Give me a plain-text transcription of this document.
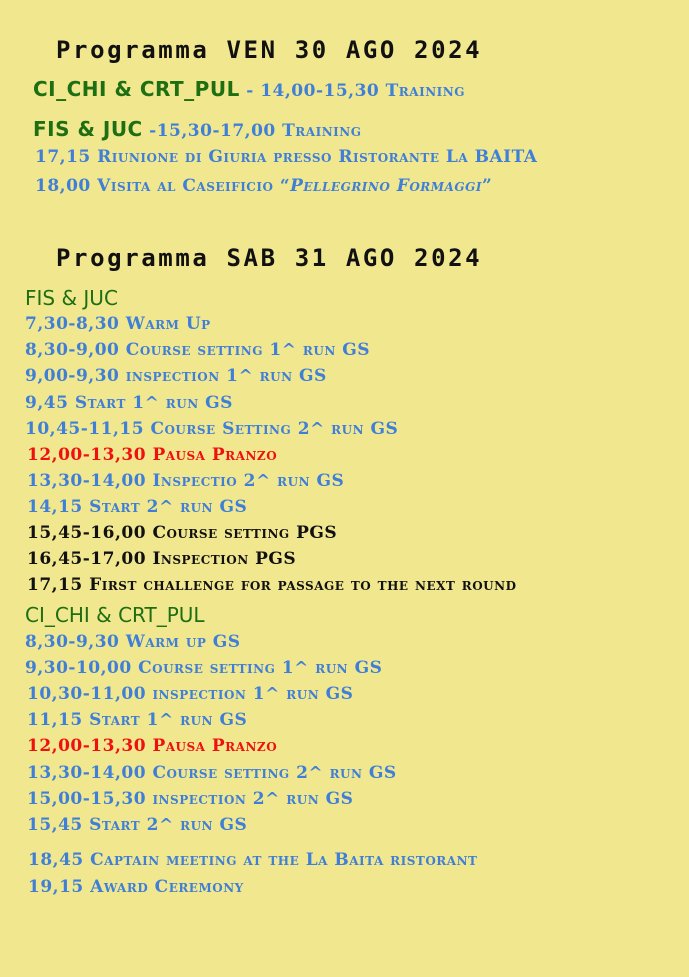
Programma VEN 30 AGO 2024
CI_CHI & CRT_PUL - 14,00-15,30 Training
FIS & JUC -15,30-17,00 Training
17,15 Riunione di Giuria presso Ristorante La BAITA
18,00 Visita al Caseificio “Pellegrino Formaggi”
Programma SAB 31 AGO 2024
FIS & JUC
7,30-8,30 Warm Up
8,30-9,00 Course setting 1^ run GS
9,00-9,30 inspection 1^ run GS
9,45 Start 1^ run GS
10,45-11,15 Course Setting 2^ run GS
12,00-13,30 Pausa Pranzo
13,30-14,00 Inspectio 2^ run GS
14,15 Start 2^ run GS
15,45-16,00 Course setting PGS
16,45-17,00 Inspection PGS
17,15 First challenge for passage to the next round
CI_CHI & CRT_PUL
8,30-9,30 Warm up GS
9,30-10,00 Course setting 1^ run GS
10,30-11,00 inspection 1^ run GS
11,15 Start 1^ run GS
12,00-13,30 Pausa Pranzo
13,30-14,00 Course setting 2^ run GS
15,00-15,30 inspection 2^ run GS
15,45 Start 2^ run GS
18,45 Captain meeting at the La Baita ristorant
19,15 Award Ceremony
